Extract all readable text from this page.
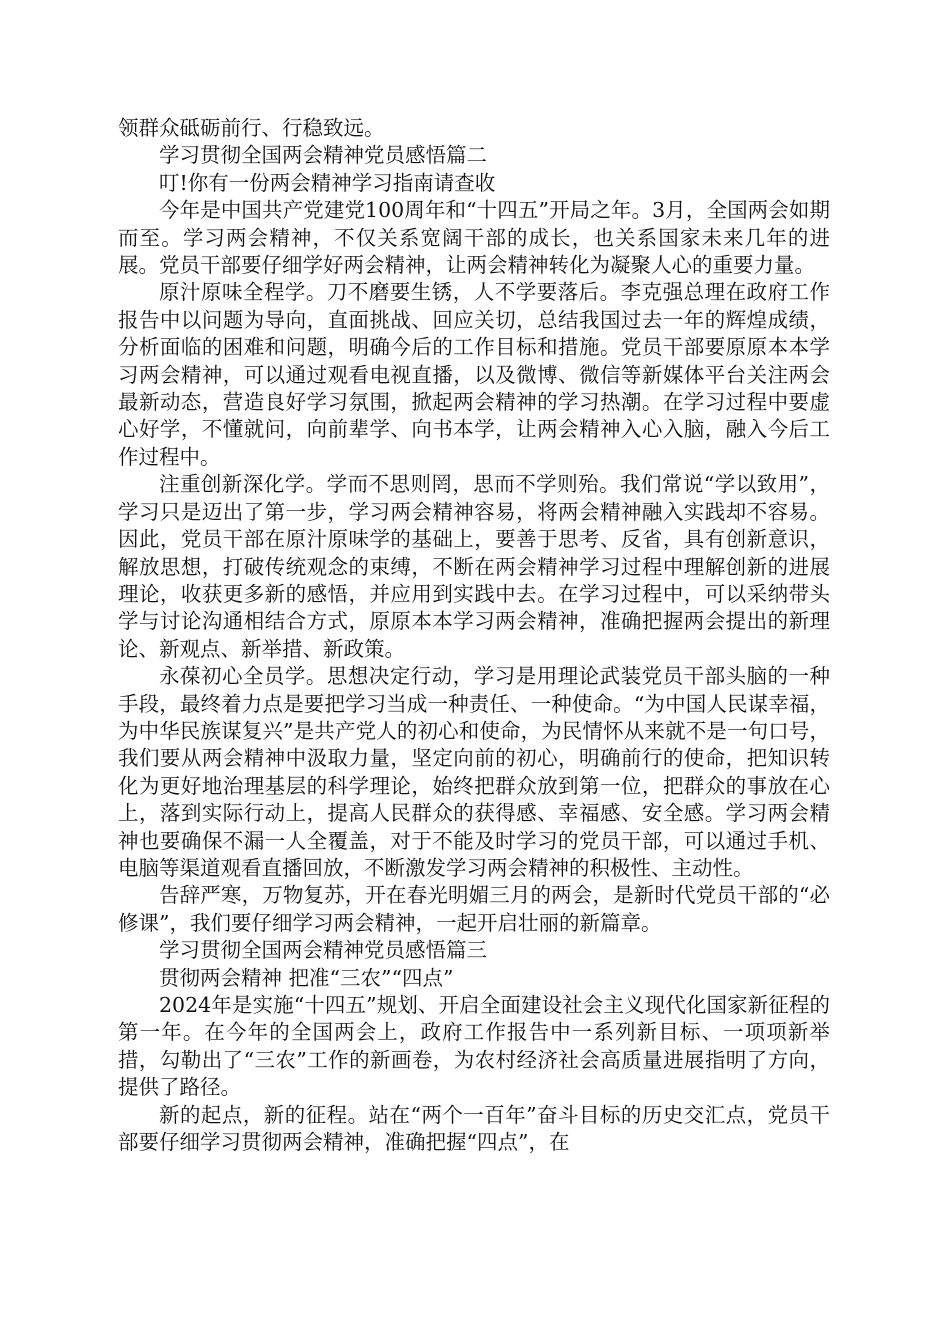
领群众砥砺前行、行稳致远。

学习贯彻全国两会精神党员感悟篇二

叮!你有一份两会精神学习指南请查收

今年是中国共产党建党100周年和“十四五”开局之年。3月，全国两会如期而至。学习两会精神，不仅关系宽阔干部的成长，也关系国家未来几年的进展。党员干部要仔细学好两会精神，让两会精神转化为凝聚人心的重要力量。

原汁原味全程学。刀不磨要生锈，人不学要落后。李克强总理在政府工作报告中以问题为导向，直面挑战、回应关切，总结我国过去一年的辉煌成绩，分析面临的困难和问题，明确今后的工作目标和措施。党员干部要原原本本学习两会精神，可以通过观看电视直播，以及微博、微信等新媒体平台关注两会最新动态，营造良好学习氛围，掀起两会精神的学习热潮。在学习过程中要虚心好学，不懂就问，向前辈学、向书本学，让两会精神入心入脑，融入今后工作过程中。

注重创新深化学。学而不思则罔，思而不学则殆。我们常说“学以致用”，学习只是迈出了第一步，学习两会精神容易，将两会精神融入实践却不容易。因此，党员干部在原汁原味学的基础上，要善于思考、反省，具有创新意识，解放思想，打破传统观念的束缚，不断在两会精神学习过程中理解创新的进展理论，收获更多新的感悟，并应用到实践中去。在学习过程中，可以采纳带头学与讨论沟通相结合方式，原原本本学习两会精神，准确把握两会提出的新理论、新观点、新举措、新政策。

永葆初心全员学。思想决定行动，学习是用理论武装党员干部头脑的一种手段，最终着力点是要把学习当成一种责任、一种使命。“为中国人民谋幸福，为中华民族谋复兴”是共产党人的初心和使命，为民情怀从来就不是一句口号，我们要从两会精神中汲取力量，坚定向前的初心，明确前行的使命，把知识转化为更好地治理基层的科学理论，始终把群众放到第一位，把群众的事放在心上，落到实际行动上，提高人民群众的获得感、幸福感、安全感。学习两会精神也要确保不漏一人全覆盖，对于不能及时学习的党员干部，可以通过手机、电脑等渠道观看直播回放，不断激发学习两会精神的积极性、主动性。

告辞严寒，万物复苏，开在春光明媚三月的两会，是新时代党员干部的“必修课”，我们要仔细学习两会精神，一起开启壮丽的新篇章。

学习贯彻全国两会精神党员感悟篇三

贯彻两会精神 把准“三农”“四点”

2024年是实施“十四五”规划、开启全面建设社会主义现代化国家新征程的第一年。在今年的全国两会上，政府工作报告中一系列新目标、一项项新举措，勾勒出了“三农”工作的新画卷，为农村经济社会高质量进展指明了方向，提供了路径。

新的起点，新的征程。站在“两个一百年”奋斗目标的历史交汇点，党员干部要仔细学习贯彻两会精神，准确把握“四点”，在
